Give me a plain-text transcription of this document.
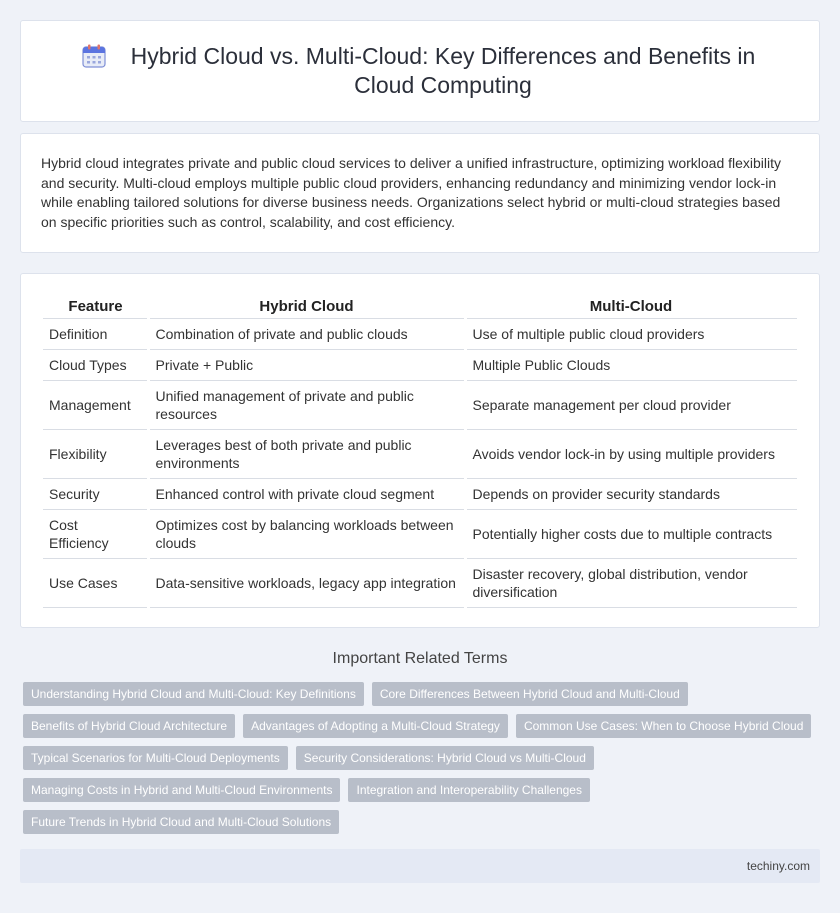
Hybrid Cloud vs. Multi-Cloud: Key Differences and Benefits in Cloud Computing

Hybrid cloud integrates private and public cloud services to deliver a unified infrastructure, optimizing workload flexibility and security. Multi-cloud employs multiple public cloud providers, enhancing redundancy and minimizing vendor lock-in while enabling tailored solutions for diverse business needs. Organizations select hybrid or multi-cloud strategies based on specific priorities such as control, scalability, and cost efficiency.

Feature	Hybrid Cloud	Multi-Cloud
Definition	Combination of private and public clouds	Use of multiple public cloud providers
Cloud Types	Private + Public	Multiple Public Clouds
Management	Unified management of private and public resources	Separate management per cloud provider
Flexibility	Leverages best of both private and public environments	Avoids vendor lock-in by using multiple providers
Security	Enhanced control with private cloud segment	Depends on provider security standards
Cost Efficiency	Optimizes cost by balancing workloads between clouds	Potentially higher costs due to multiple contracts
Use Cases	Data-sensitive workloads, legacy app integration	Disaster recovery, global distribution, vendor diversification
Important Related Terms
Understanding Hybrid Cloud and Multi-Cloud: Key Definitions	Core Differences Between Hybrid Cloud and Multi-Cloud
Benefits of Hybrid Cloud Architecture	Advantages of Adopting a Multi-Cloud Strategy	Common Use Cases: When to Choose Hybrid Cloud
Typical Scenarios for Multi-Cloud Deployments	Security Considerations: Hybrid Cloud vs Multi-Cloud
Managing Costs in Hybrid and Multi-Cloud Environments	Integration and Interoperability Challenges
Future Trends in Hybrid Cloud and Multi-Cloud Solutions
techiny.com
